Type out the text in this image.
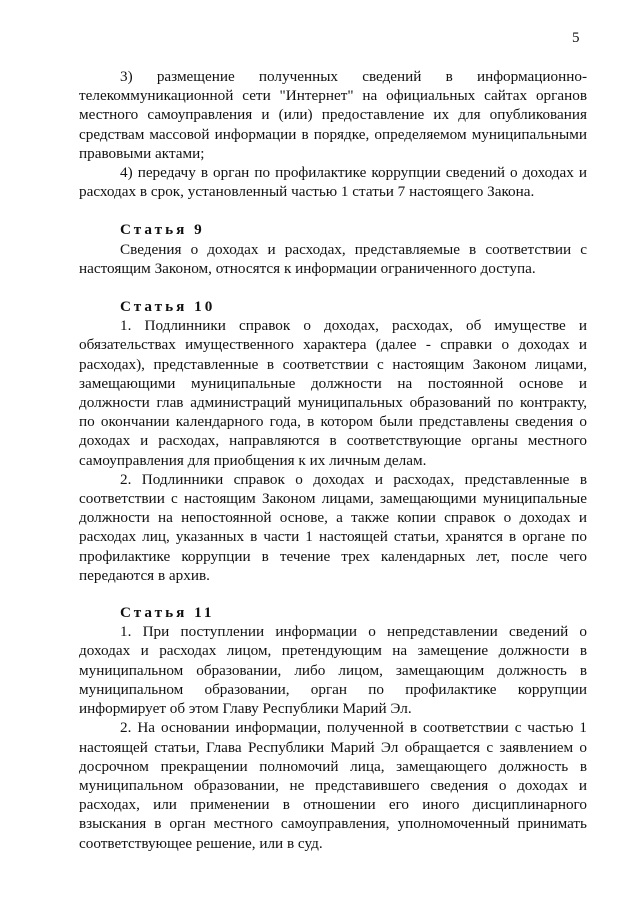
5

3) размещение полученных сведений в информационно-телекоммуникационной сети "Интернет" на официальных сайтах органов местного самоуправления и (или) предоставление их для опубликования средствам массовой информации в порядке, определяемом муниципальными правовыми актами;

4) передачу в орган по профилактике коррупции сведений о доходах и расходах в срок, установленный частью 1 статьи 7 настоящего Закона.

Статья 9

Сведения о доходах и расходах, представляемые в соответствии с настоящим Законом, относятся к информации ограниченного доступа.

Статья 10

1. Подлинники справок о доходах, расходах, об имуществе и обязательствах имущественного характера (далее - справки о доходах и расходах), представленные в соответствии с настоящим Законом лицами, замещающими муниципальные должности на постоянной основе и должности глав администраций муниципальных образований по контракту, по окончании календарного года, в котором были представлены сведения о доходах и расходах, направляются в соответствующие органы местного самоуправления для приобщения к их личным делам.

2. Подлинники справок о доходах и расходах, представленные в соответствии с настоящим Законом лицами, замещающими муниципальные должности на непостоянной основе, а также копии справок о доходах и расходах лиц, указанных в части 1 настоящей статьи, хранятся в органе по профилактике коррупции в течение трех календарных лет, после чего передаются в архив.

Статья 11

1. При поступлении информации о непредставлении сведений о доходах и расходах лицом, претендующим на замещение должности в муниципальном образовании, либо лицом, замещающим должность в муниципальном образовании, орган по профилактике коррупции информирует об этом Главу Республики Марий Эл.

2. На основании информации, полученной в соответствии с частью 1 настоящей статьи, Глава Республики Марий Эл обращается с заявлением о досрочном прекращении полномочий лица, замещающего должность в муниципальном образовании, не представившего сведения о доходах и расходах, или применении в отношении его иного дисциплинарного взыскания в орган местного самоуправления, уполномоченный принимать соответствующее решение, или в суд.
